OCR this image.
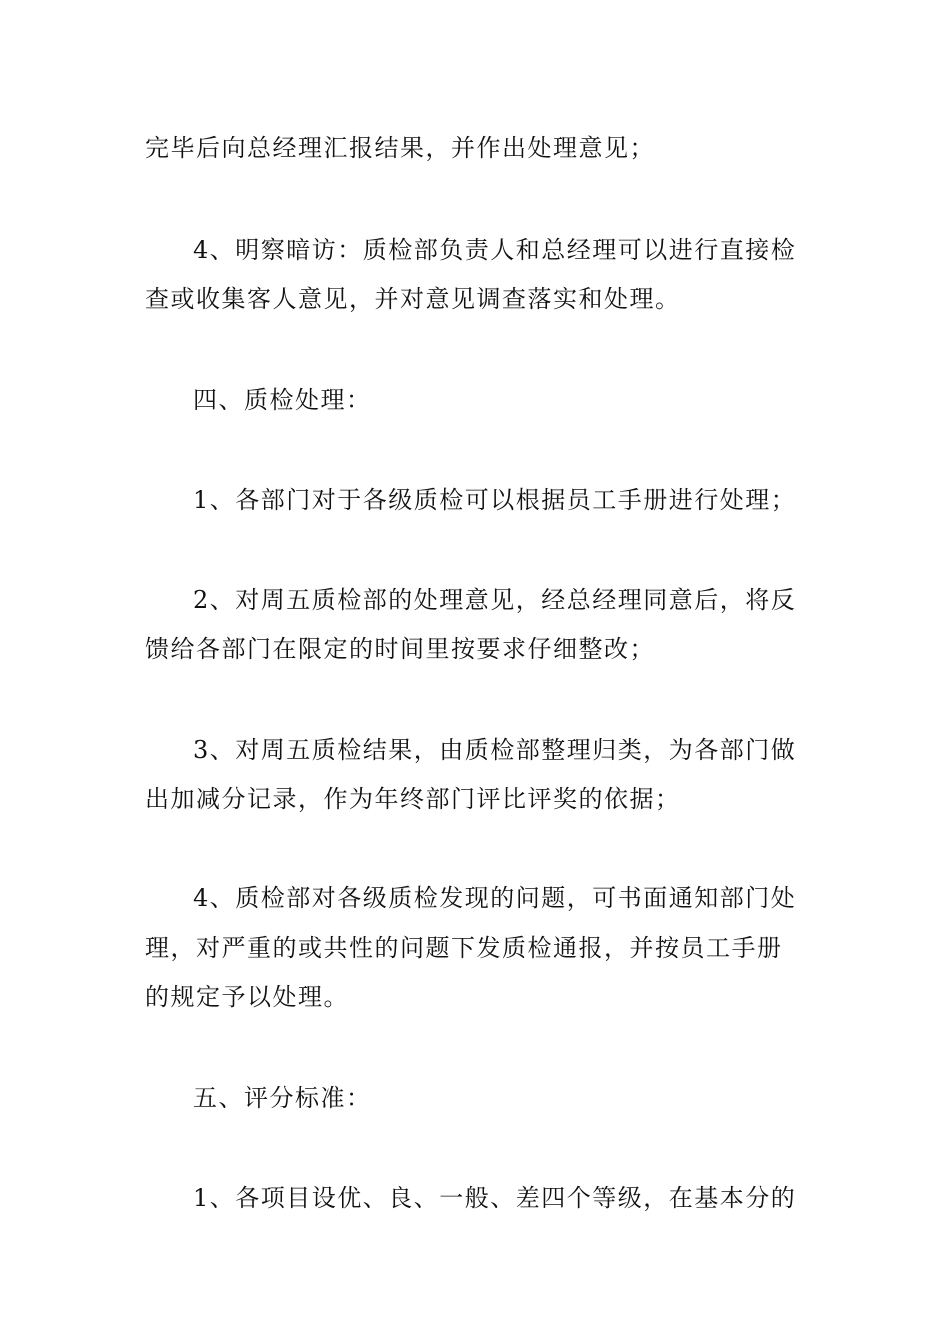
完毕后向总经理汇报结果，并作出处理意见；
4、明察暗访：质检部负责人和总经理可以进行直接检
查或收集客人意见，并对意见调查落实和处理。
四、质检处理：
1、各部门对于各级质检可以根据员工手册进行处理；
2、对周五质检部的处理意见，经总经理同意后，将反
馈给各部门在限定的时间里按要求仔细整改；
3、对周五质检结果，由质检部整理归类，为各部门做
出加减分记录，作为年终部门评比评奖的依据；
4、质检部对各级质检发现的问题，可书面通知部门处
理，对严重的或共性的问题下发质检通报，并按员工手册
的规定予以处理。
五、评分标准：
1、各项目设优、良、一般、差四个等级，在基本分的
